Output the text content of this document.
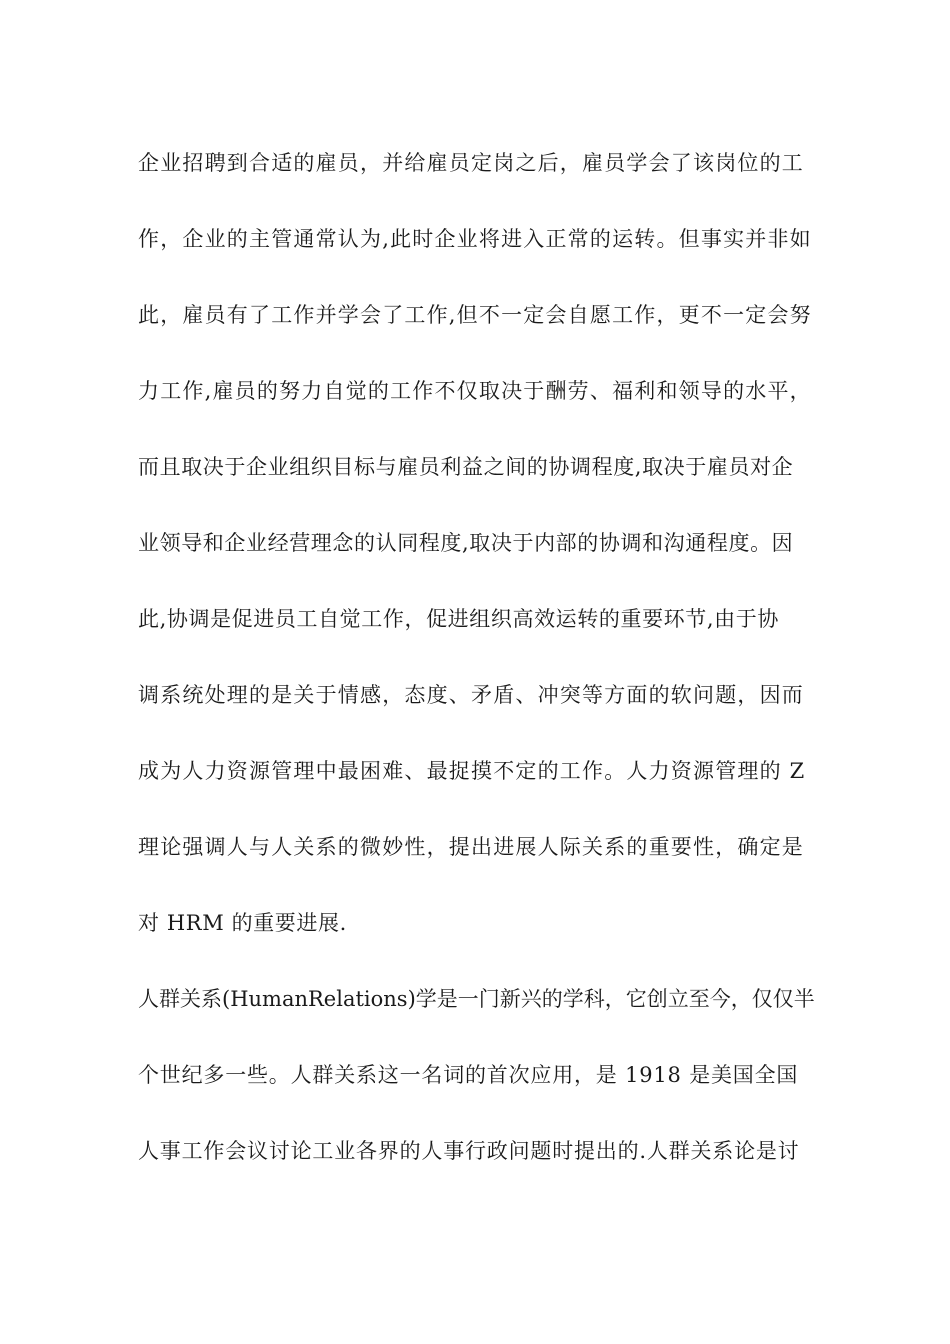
企业招聘到合适的雇员，并给雇员定岗之后，雇员学会了该岗位的工
作，企业的主管通常认为,此时企业将进入正常的运转。但事实并非如
此，雇员有了工作并学会了工作,但不一定会自愿工作，更不一定会努
力工作,雇员的努力自觉的工作不仅取决于酬劳、福利和领导的水平，
而且取决于企业组织目标与雇员利益之间的协调程度,取决于雇员对企
业领导和企业经营理念的认同程度,取决于内部的协调和沟通程度。因
此,协调是促进员工自觉工作，促进组织高效运转的重要环节,由于协
调系统处理的是关于情感，态度、矛盾、冲突等方面的软问题，因而
成为人力资源管理中最困难、最捉摸不定的工作。人力资源管理的 Z
理论强调人与人关系的微妙性，提出进展人际关系的重要性，确定是
对 HRM 的重要进展.
人群关系(HumanRelations)学是一门新兴的学科，它创立至今，仅仅半
个世纪多一些。人群关系这一名词的首次应用，是 1918 是美国全国
人事工作会议讨论工业各界的人事行政问题时提出的.人群关系论是讨
